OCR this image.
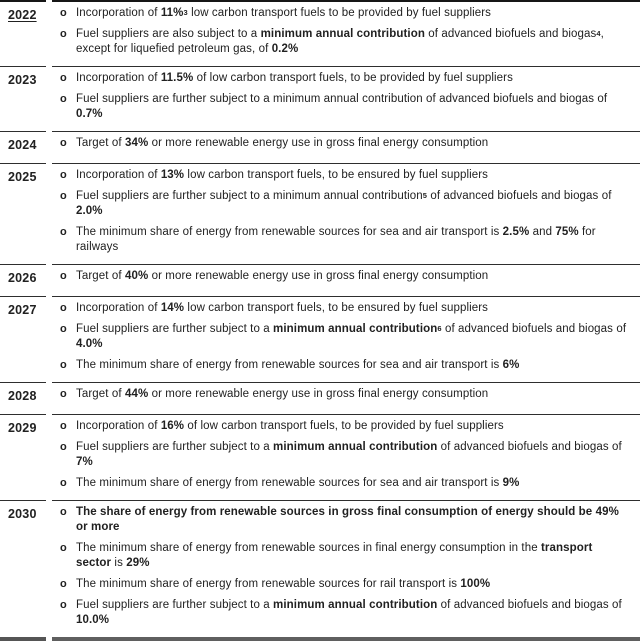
2022	o Incorporation of 11%$^3$ low carbon transport fuels to be provided by fuel suppliers
o Fuel suppliers are also subject to a minimum annual contribution of advanced biofuels and biogas$^4$, except for liquefied petroleum gas, of 0.2%
2023	o Incorporation of 11.5% of low carbon transport fuels, to be provided by fuel suppliers
o Fuel suppliers are further subject to a minimum annual contribution of advanced biofuels and biogas of 0.7%
2024	o Target of 34% or more renewable energy use in gross final energy consumption
2025	o Incorporation of 13% low carbon transport fuels, to be ensured by fuel suppliers
o Fuel suppliers are further subject to a minimum annual contribution$^5$ of advanced biofuels and biogas of 2.0%
o The minimum share of energy from renewable sources for sea and air transport is 2.5% and 75% for railways
2026	o Target of 40% or more renewable energy use in gross final energy consumption
2027	o Incorporation of 14% low carbon transport fuels, to be ensured by fuel suppliers
o Fuel suppliers are further subject to a minimum annual contribution$^6$ of advanced biofuels and biogas of 4.0%
o The minimum share of energy from renewable sources for sea and air transport is 6%
2028	o Target of 44% or more renewable energy use in gross final energy consumption
2029	o Incorporation of 16% of low carbon transport fuels, to be provided by fuel suppliers
o Fuel suppliers are further subject to a minimum annual contribution of advanced biofuels and biogas of 7%
o The minimum share of energy from renewable sources for sea and air transport is 9%
2030	o The share of energy from renewable sources in gross final consumption of energy should be 49% or more
o The minimum share of energy from renewable sources in final energy consumption in the transport sector is 29%
o The minimum share of energy from renewable sources for rail transport is 100%
o Fuel suppliers are further subject to a minimum annual contribution of advanced biofuels and biogas of 10.0%
